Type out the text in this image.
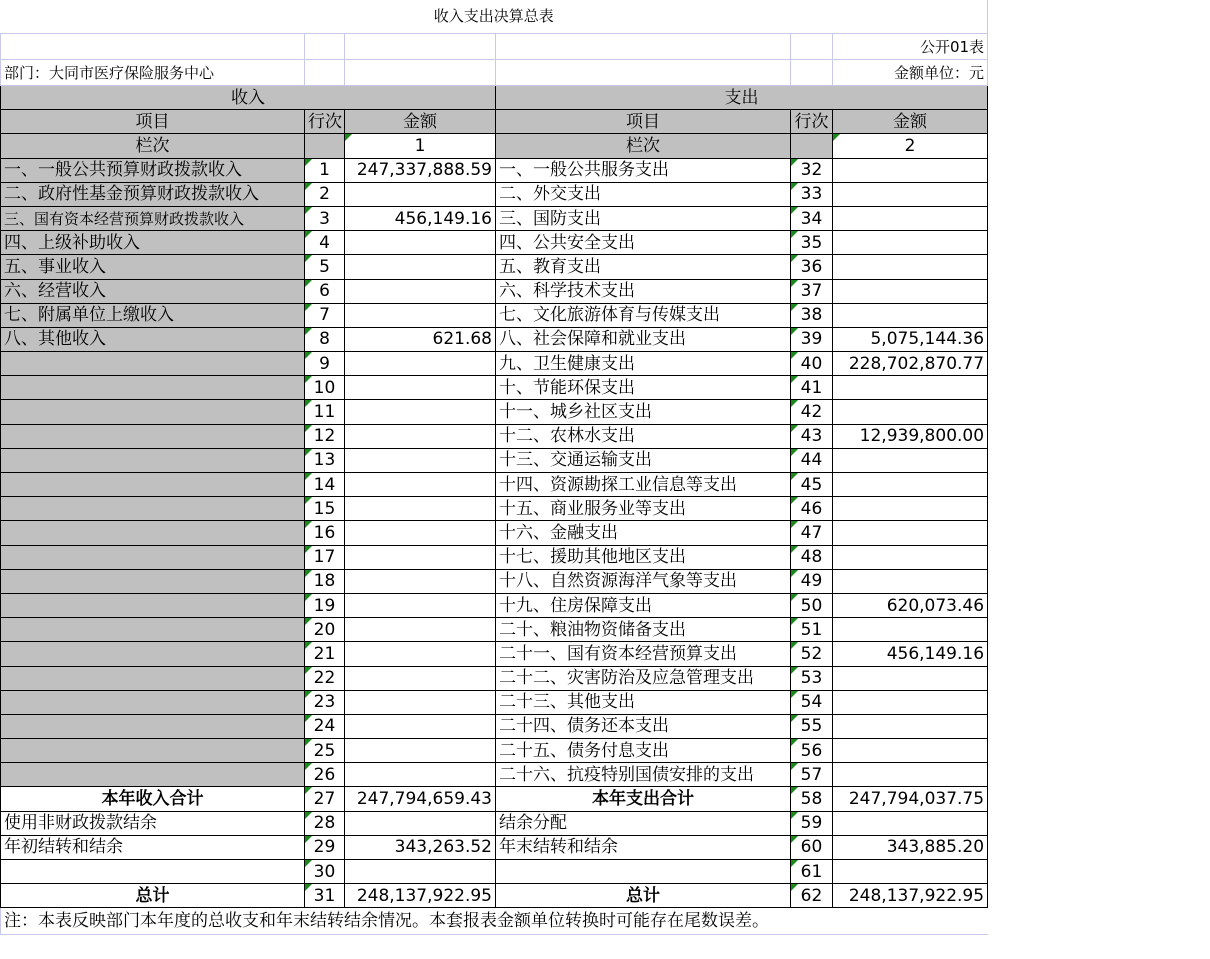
收入支出决算总表					
					公开01表
部门：大同市医疗保险服务中心					金额单位：元
收入			支出		
项目	行次	金额	项目	行次	金额
栏次		1	栏次		2
一、一般公共预算财政拨款收入	1	247,337,888.59	一、一般公共服务支出	32	
二、政府性基金预算财政拨款收入	2		二、外交支出	33	
三、国有资本经营预算财政拨款收入	3	456,149.16	三、国防支出	34	
四、上级补助收入	4		四、公共安全支出	35	
五、事业收入	5		五、教育支出	36	
六、经营收入	6		六、科学技术支出	37	
七、附属单位上缴收入	7		七、文化旅游体育与传媒支出	38	
八、其他收入	8	621.68	八、社会保障和就业支出	39	5,075,144.36
	9		九、卫生健康支出	40	228,702,870.77
	10		十、节能环保支出	41	
	11		十一、城乡社区支出	42	
	12		十二、农林水支出	43	12,939,800.00
	13		十三、交通运输支出	44	
	14		十四、资源勘探工业信息等支出	45	
	15		十五、商业服务业等支出	46	
	16		十六、金融支出	47	
	17		十七、援助其他地区支出	48	
	18		十八、自然资源海洋气象等支出	49	
	19		十九、住房保障支出	50	620,073.46
	20		二十、粮油物资储备支出	51	
	21		二十一、国有资本经营预算支出	52	456,149.16
	22		二十二、灾害防治及应急管理支出	53	
	23		二十三、其他支出	54	
	24		二十四、债务还本支出	55	
	25		二十五、债务付息支出	56	
	26		二十六、抗疫特别国债安排的支出	57	
本年收入合计	27	247,794,659.43	本年支出合计	58	247,794,037.75
使用非财政拨款结余	28		结余分配	59	
年初结转和结余	29	343,263.52	年末结转和结余	60	343,885.20
	30			61	
总计	31	248,137,922.95	总计	62	248,137,922.95
注：本表反映部门本年度的总收支和年末结转结余情况。本套报表金额单位转换时可能存在尾数误差。
